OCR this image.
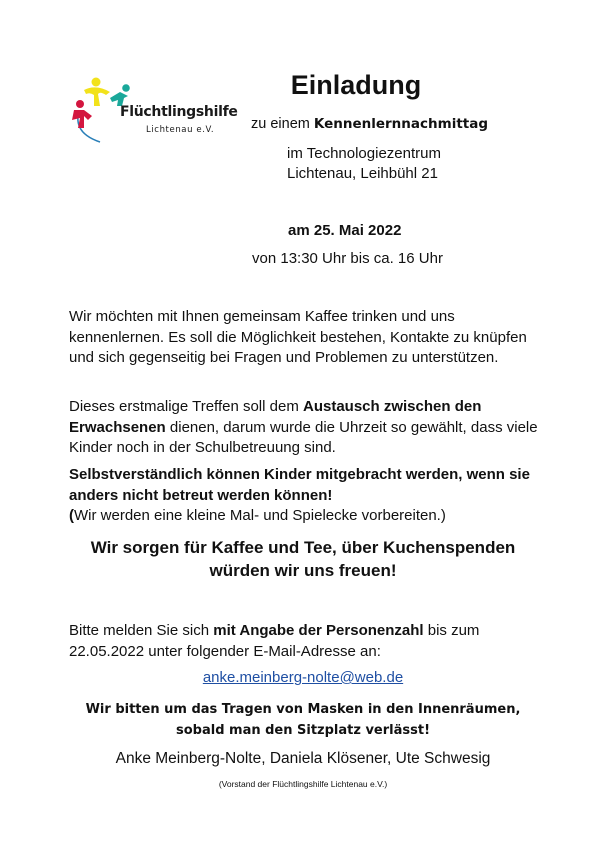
Flüchtlingshilfe
Lichtenau e.V.
Einladung
zu einem Kennenlernnachmittag
im Technologiezentrum
Lichtenau, Leihbühl 21
am 25. Mai 2022
von 13:30 Uhr bis ca. 16 Uhr
Wir möchten mit Ihnen gemeinsam Kaffee trinken und uns kennenlernen. Es soll die Möglichkeit bestehen, Kontakte zu knüpfen und sich gegenseitig bei Fragen und Problemen zu unterstützen.
Dieses erstmalige Treffen soll dem Austausch zwischen den Erwachsenen dienen, darum wurde die Uhrzeit so gewählt, dass viele Kinder noch in der Schulbetreuung sind.
Selbstverständlich können Kinder mitgebracht werden, wenn sie anders nicht betreut werden können!
(Wir werden eine kleine Mal- und Spielecke vorbereiten.)
Wir sorgen für Kaffee und Tee, über Kuchenspenden würden wir uns freuen!
Bitte melden Sie sich mit Angabe der Personenzahl bis zum 22.05.2022 unter folgender E-Mail-Adresse an:
anke.meinberg-nolte@web.de
Wir bitten um das Tragen von Masken in den Innenräumen, sobald man den Sitzplatz verlässt!
Anke Meinberg-Nolte, Daniela Klösener, Ute Schwesig
(Vorstand der Flüchtlingshilfe Lichtenau e.V.)
